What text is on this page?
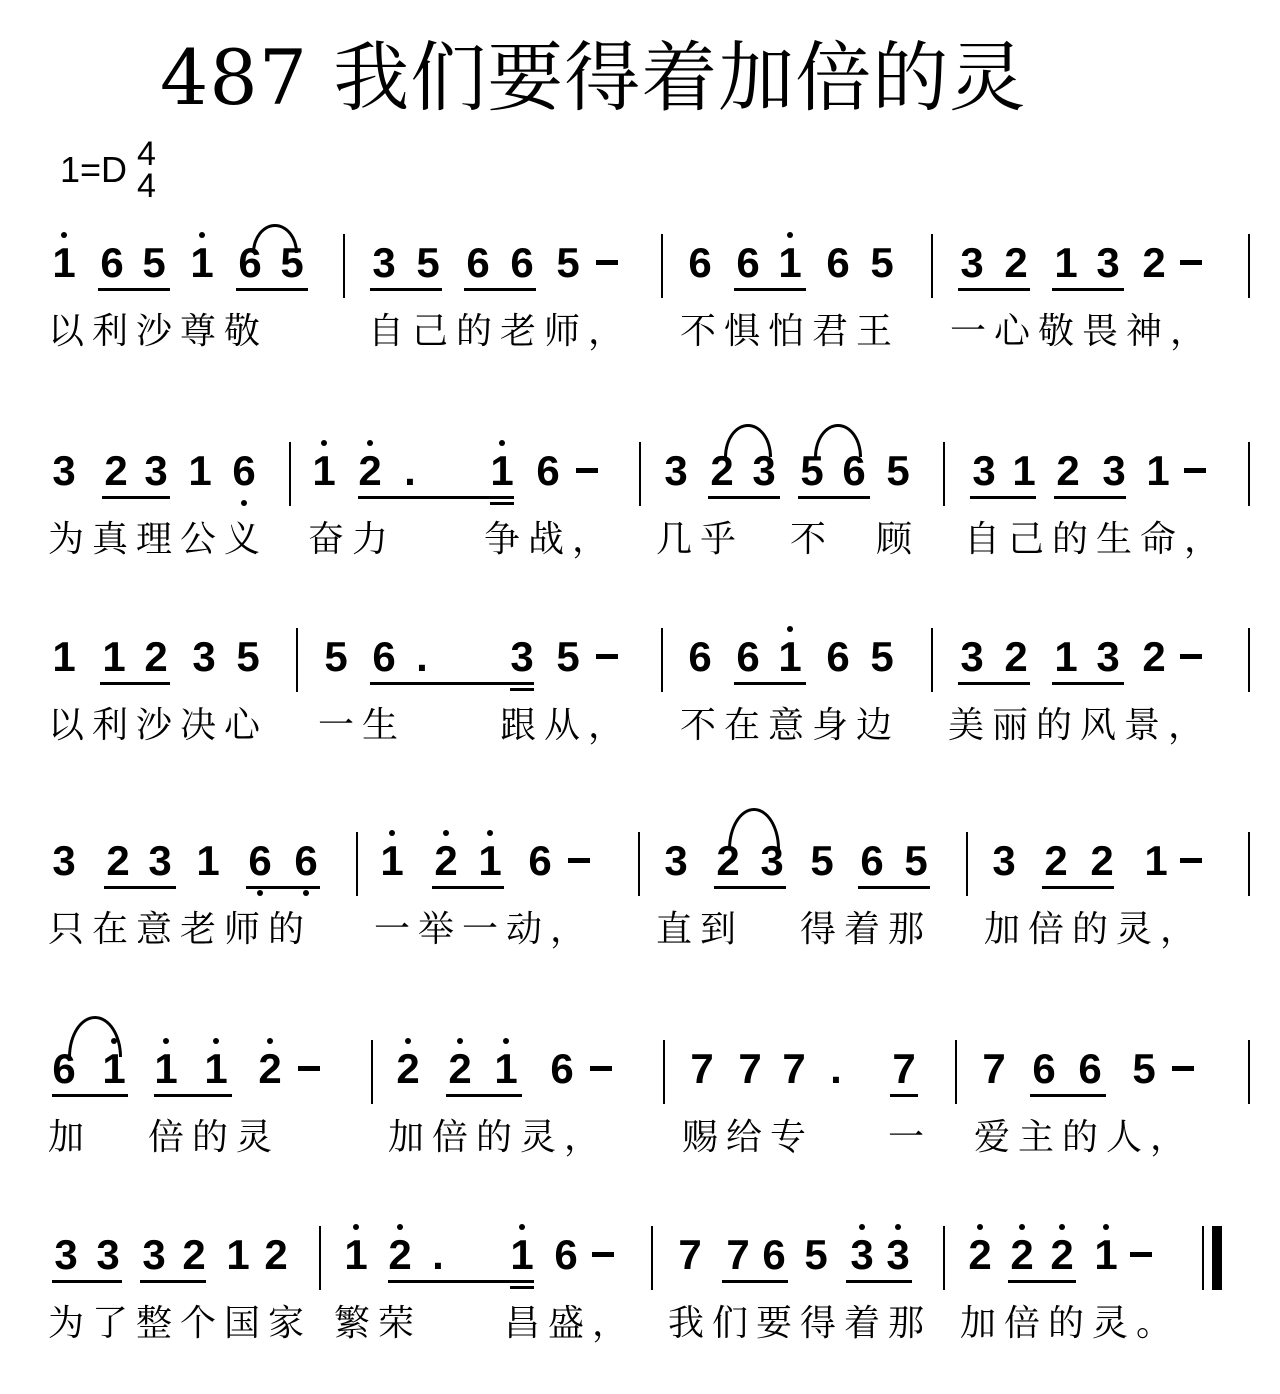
487 我们要得着加倍的灵
1=D 4
4
1 6 5 1 6 5 3 5 6 6 5	6 6 1 6 5 3 2 1 3 2
以利沙尊敬	自己的老师， 不惧怕君王 一心敬畏神，
3 2 3 1 6 1 2 . 1 6 3 2 3 5 6 5 3 1 2 3 1
为真理公义 奋力 争战， 几乎 不 顾 自己的生命，
1 1 2 3 5 5 6 . 3 5	6 6 1 6 5 3 2 1 3 2
以利沙决心 一生	跟从， 不在意身边 美丽的风景，
3 2 3 1 6 6 1 2 1 6	3 2 3 5 6 5 3 2 2 1
只在意老师的 一举一动， 直到 得着那 加倍的灵，
6 1 1 1 2	2 2 1 6	7 7 7 . 7 7 6 6 5
加 倍的灵	加倍的灵， 赐给专 一 爱主的人，
3 3 3 2 1 2 1 2 . 1 6 7 7 6 5 3 3 2 2 2 1
为了整个国家 繁荣 昌盛， 我们要得着那 加倍的灵。
